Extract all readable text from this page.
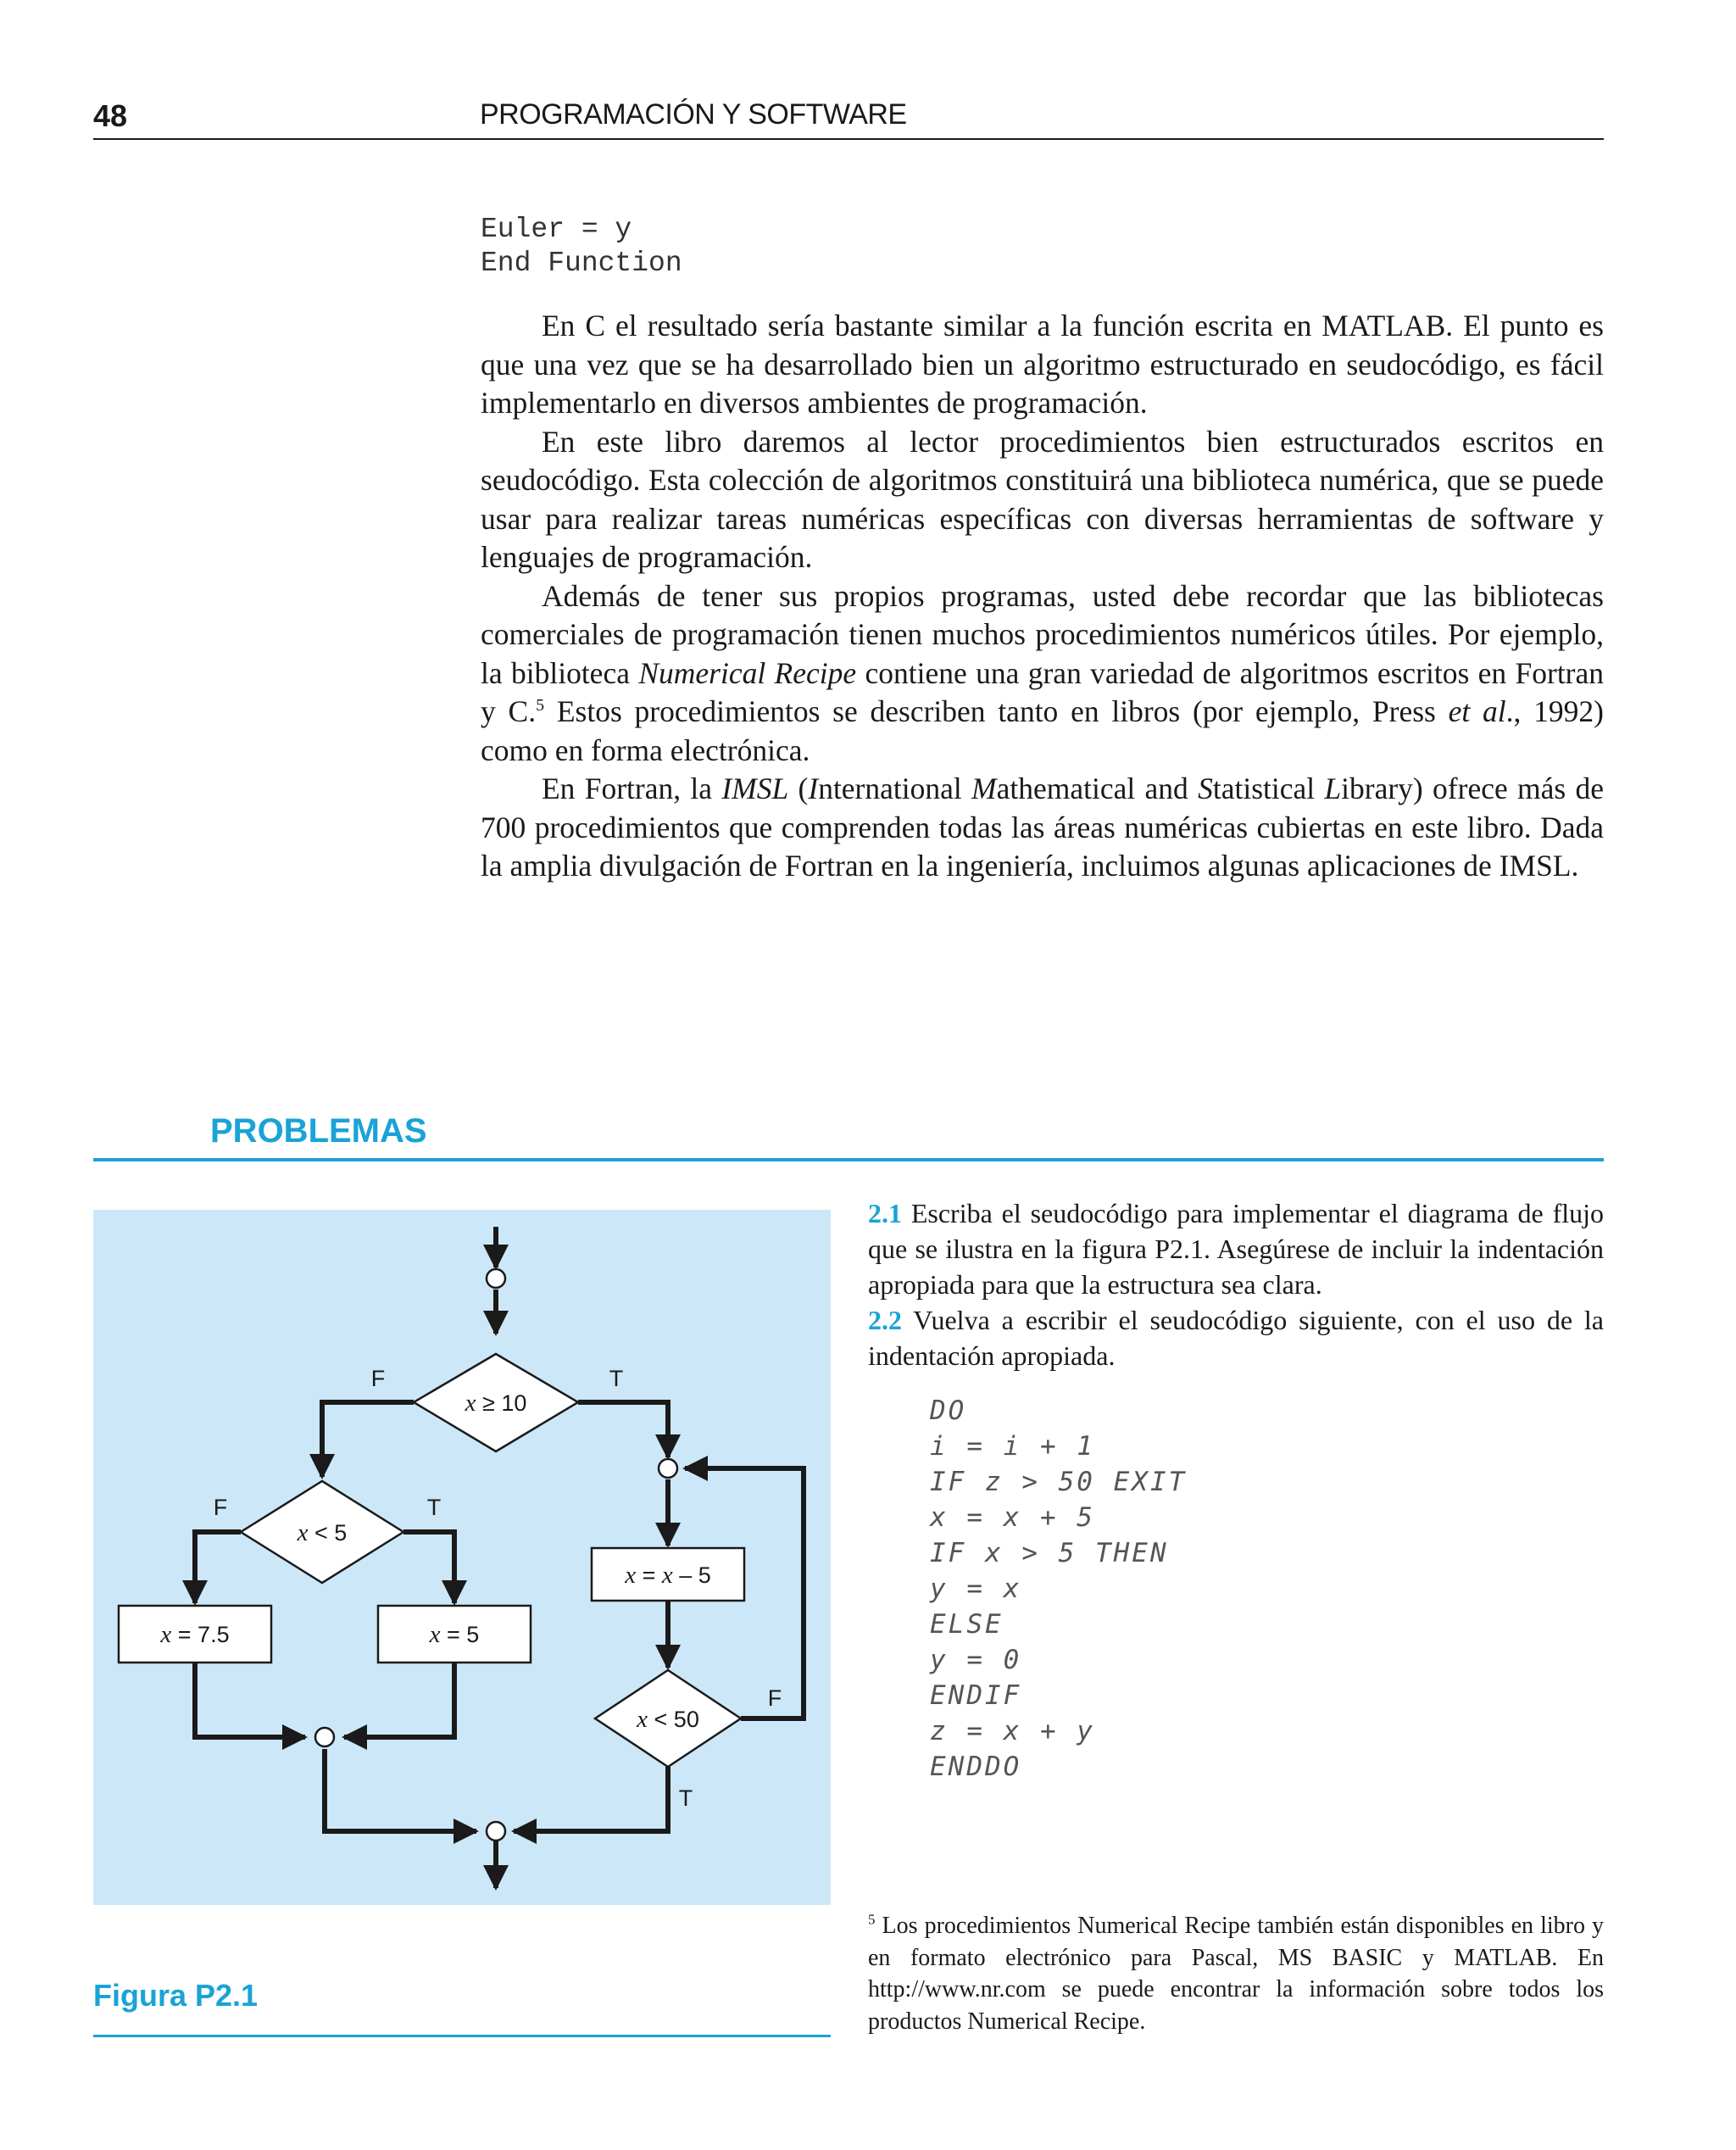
48	PROGRAMACIÓN Y SOFTWARE
Euler = y
End Function

En C el resultado sería bastante similar a la función escrita en MATLAB. El punto es que una vez que se ha desarrollado bien un algoritmo estructurado en seudocódigo, es fácil implementarlo en diversos ambientes de programación.

En este libro daremos al lector procedimientos bien estructurados escritos en seudocódigo. Esta colección de algoritmos constituirá una biblioteca numérica, que se puede usar para realizar tareas numéricas específicas con diversas herramientas de software y lenguajes de programación.

Además de tener sus propios programas, usted debe recordar que las bibliotecas comerciales de programación tienen muchos procedimientos numéricos útiles. Por ejemplo, la biblioteca Numerical Recipe contiene una gran variedad de algoritmos escritos en Fortran y C.$^5$ Estos procedimientos se describen tanto en libros (por ejemplo, Press et al., 1992) como en forma electrónica.

En Fortran, la IMSL (International Mathematical and Statistical Library) ofrece más de 700 procedimientos que comprenden todas las áreas numéricas cubiertas en este libro. Dada la amplia divulgación de Fortran en la ingeniería, incluimos algunas aplicaciones de IMSL.

PROBLEMAS
x ≥ 10
x < 5
x < 50
x = 7.5	x = 5
x = x – 5
F	T
F	T
F
T
Figura P2.1

2.1 Escriba el seudocódigo para implementar el diagrama de flujo que se ilustra en la figura P2.1. Asegúrese de incluir la indentación apropiada para que la estructura sea clara.

2.2 Vuelva a escribir el seudocódigo siguiente, con el uso de la indentación apropiada.

DO
i = i + 1
IF z > 50 EXIT
x = x + 5
IF x > 5 THEN
y = x
ELSE
y = 0
ENDIF
z = x + y
ENDDO
$^5$ Los procedimientos Numerical Recipe también están disponibles en libro y en formato electrónico para Pascal, MS BASIC y MATLAB. En http://www.nr.com se puede encontrar la información sobre todos los productos Numerical Recipe.
